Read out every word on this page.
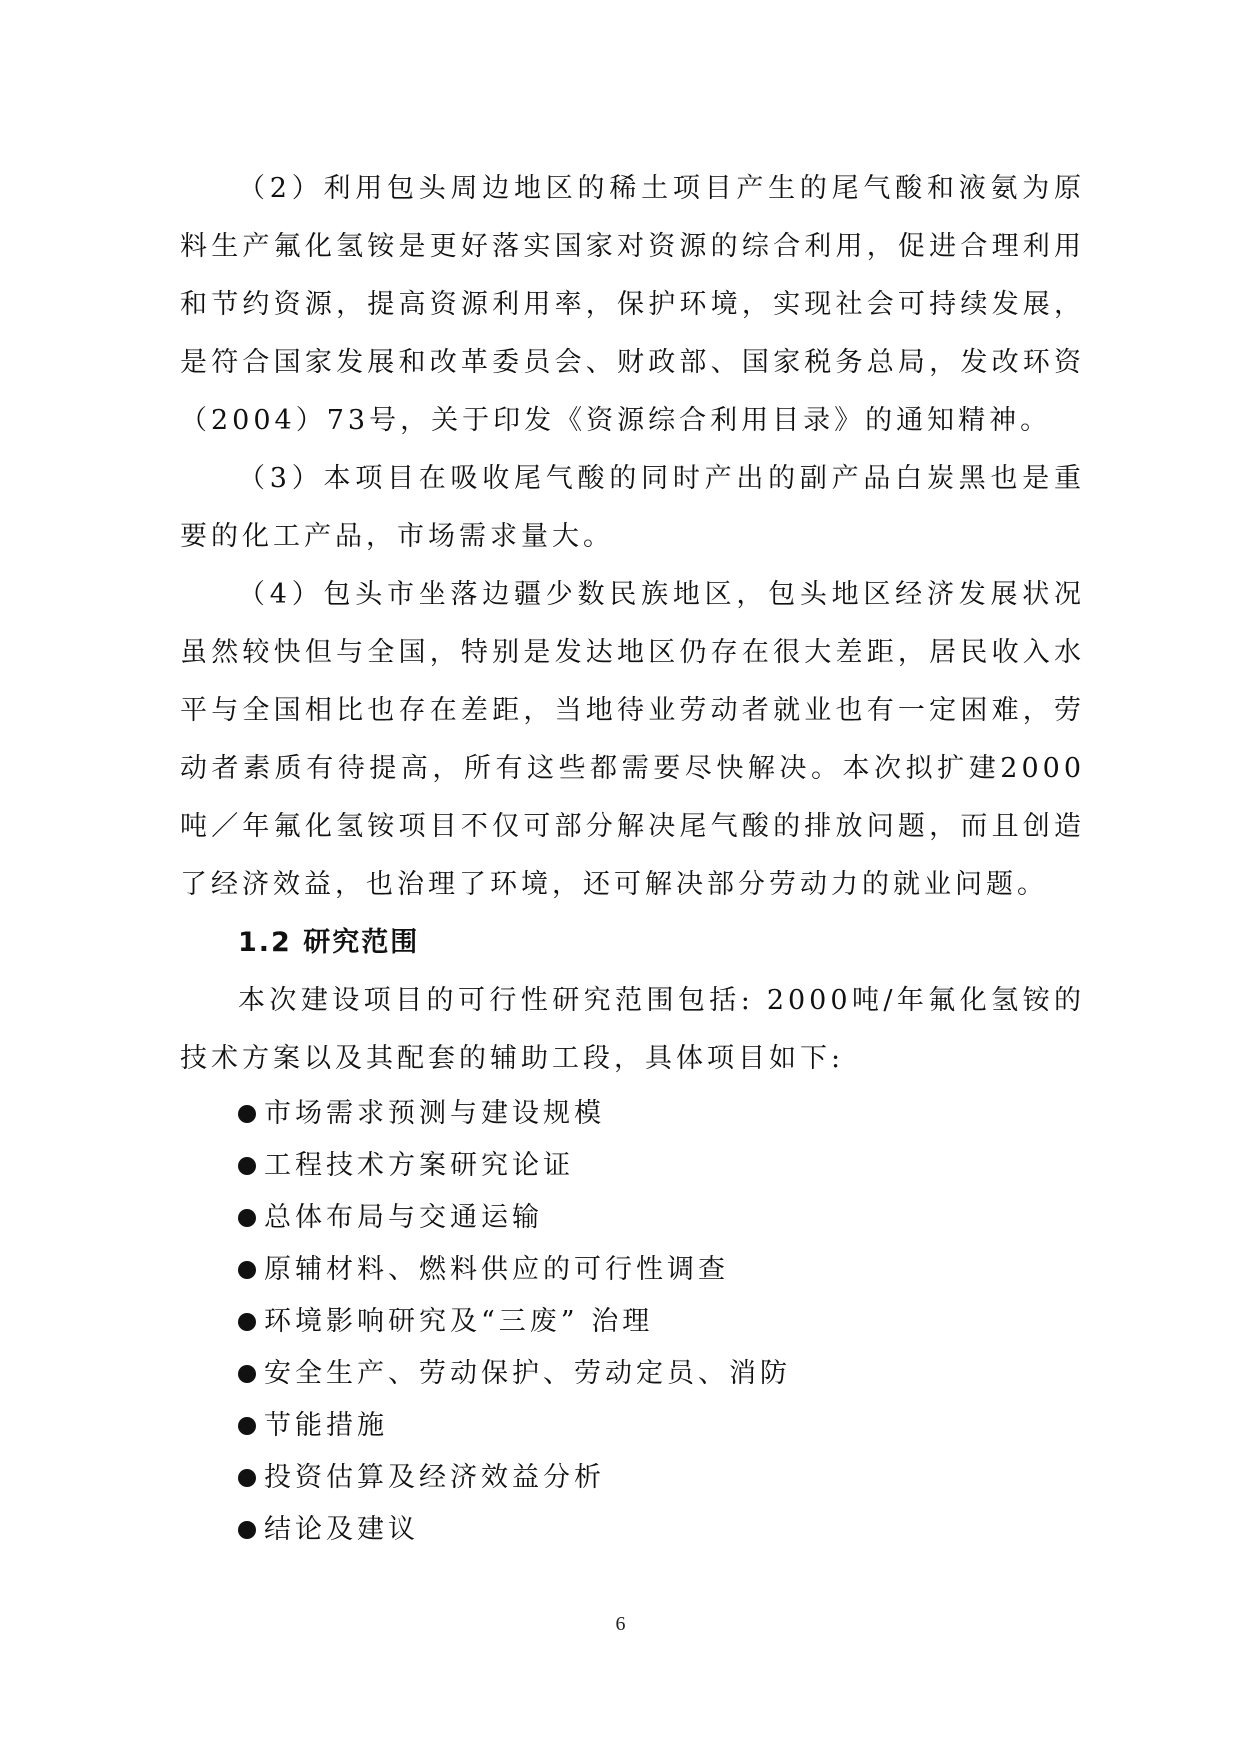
（2）利用包头周边地区的稀土项目产生的尾气酸和液氨为原料生产氟化氢铵是更好落实国家对资源的综合利用，促进合理利用和节约资源，提高资源利用率，保护环境，实现社会可持续发展，是符合国家发展和改革委员会、财政部、国家税务总局，发改环资（2004）73号，关于印发《资源综合利用目录》的通知精神。

（3）本项目在吸收尾气酸的同时产出的副产品白炭黑也是重要的化工产品，市场需求量大。

（4）包头市坐落边疆少数民族地区，包头地区经济发展状况虽然较快但与全国，特别是发达地区仍存在很大差距，居民收入水平与全国相比也存在差距，当地待业劳动者就业也有一定困难，劳动者素质有待提高，所有这些都需要尽快解决。本次拟扩建2000吨／年氟化氢铵项目不仅可部分解决尾气酸的排放问题，而且创造了经济效益，也治理了环境，还可解决部分劳动力的就业问题。

1.2 研究范围

本次建设项目的可行性研究范围包括: 2000吨/年氟化氢铵的技术方案以及其配套的辅助工段，具体项目如下:

市场需求预测与建设规模
工程技术方案研究论证
总体布局与交通运输
原辅材料、燃料供应的可行性调查
环境影响研究及“三废” 治理
安全生产、劳动保护、劳动定员、消防
节能措施
投资估算及经济效益分析
结论及建议
6
